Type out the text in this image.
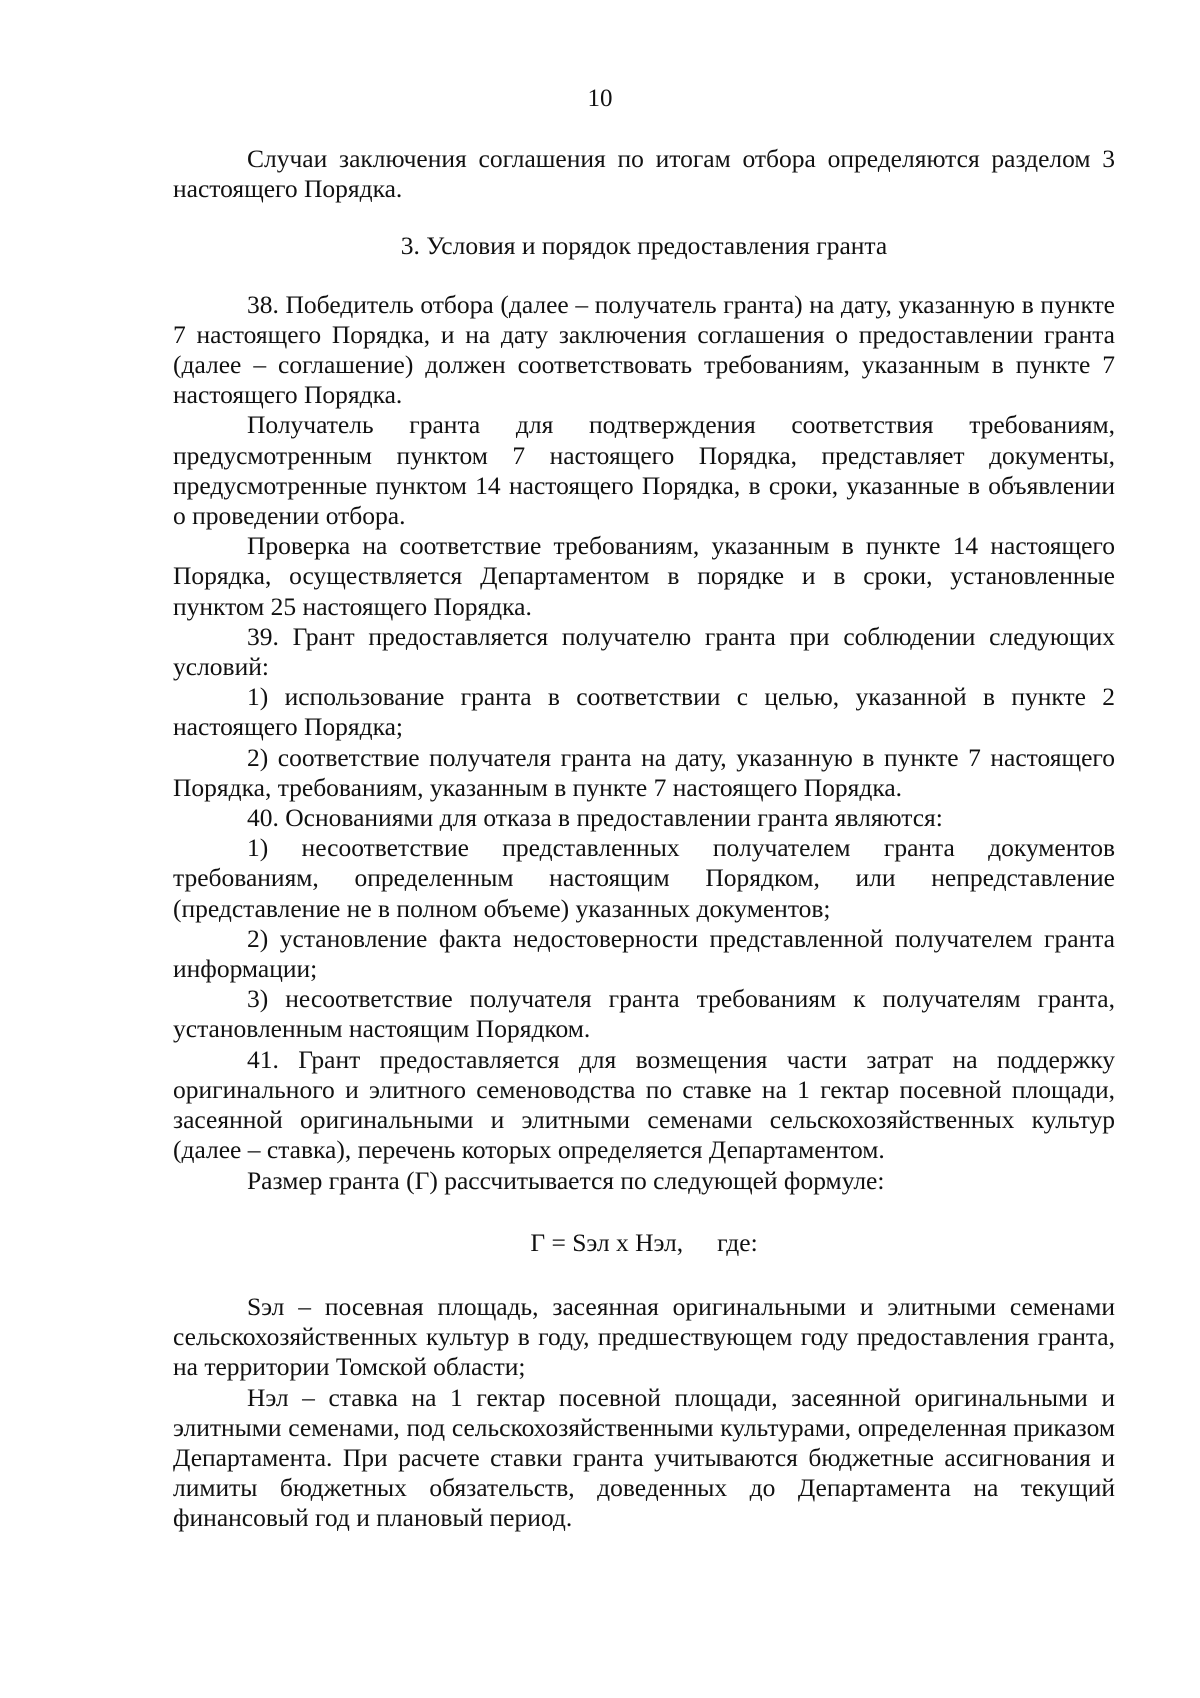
10

Случаи заключения соглашения по итогам отбора определяются разделом 3 настоящего Порядка.

3. Условия и порядок предоставления гранта

38. Победитель отбора (далее – получатель гранта) на дату, указанную в пункте 7 настоящего Порядка, и на дату заключения соглашения о предоставлении гранта (далее – соглашение) должен соответствовать требованиям, указанным в пункте 7 настоящего Порядка.

Получатель гранта для подтверждения соответствия требованиям, предусмотренным пунктом 7 настоящего Порядка, представляет документы, предусмотренные пунктом 14 настоящего Порядка, в сроки, указанные в объявлении о проведении отбора.

Проверка на соответствие требованиям, указанным в пункте 14 настоящего Порядка, осуществляется Департаментом в порядке и в сроки, установленные пунктом 25 настоящего Порядка.

39. Грант предоставляется получателю гранта при соблюдении следующих условий:

1) использование гранта в соответствии с целью, указанной в пункте 2 настоящего Порядка;

2) соответствие получателя гранта на дату, указанную в пункте 7 настоящего Порядка, требованиям, указанным в пункте 7 настоящего Порядка.

40. Основаниями для отказа в предоставлении гранта являются:

1) несоответствие представленных получателем гранта документов требованиям, определенным настоящим Порядком, или непредставление (представление не в полном объеме) указанных документов;

2) установление факта недостоверности представленной получателем гранта информации;

3) несоответствие получателя гранта требованиям к получателям гранта, установленным настоящим Порядком.

41. Грант предоставляется для возмещения части затрат на поддержку оригинального и элитного семеноводства по ставке на 1 гектар посевной площади, засеянной оригинальными и элитными семенами сельскохозяйственных культур (далее – ставка), перечень которых определяется Департаментом.

Размер гранта (Г) рассчитывается по следующей формуле:

Г = Sэл х Нэл, где:

Sэл – посевная площадь, засеянная оригинальными и элитными семенами сельскохозяйственных культур в году, предшествующем году предоставления гранта, на территории Томской области;

Нэл – ставка на 1 гектар посевной площади, засеянной оригинальными и элитными семенами, под сельскохозяйственными культурами, определенная приказом Департамента. При расчете ставки гранта учитываются бюджетные ассигнования и лимиты бюджетных обязательств, доведенных до Департамента на текущий финансовый год и плановый период.
